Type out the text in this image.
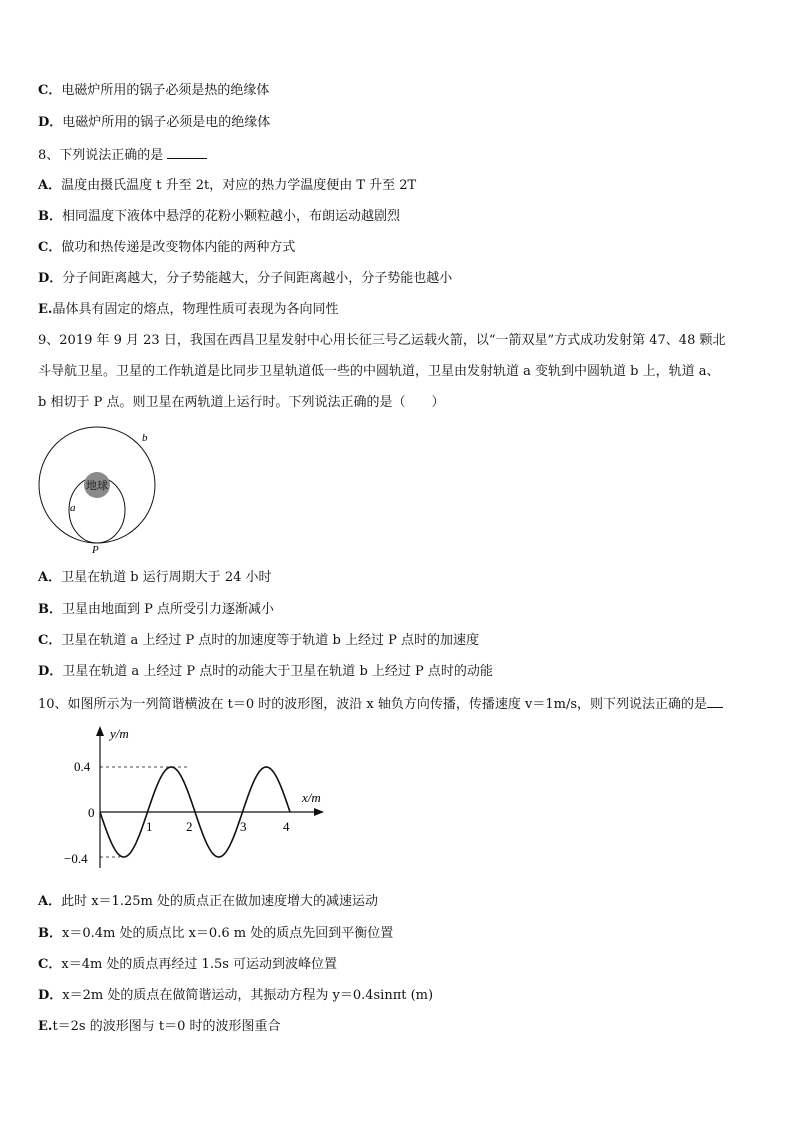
C．电磁炉所用的锅子必须是热的绝缘体
D．电磁炉所用的锅子必须是电的绝缘体
8、下列说法正确的是
A．温度由摄氏温度 t 升至 2t，对应的热力学温度便由 T 升至 2T
B．相同温度下液体中悬浮的花粉小颗粒越小，布朗运动越剧烈
C．做功和热传递是改变物体内能的两种方式
D．分子间距离越大，分子势能越大，分子间距离越小，分子势能也越小
E.晶体具有固定的熔点，物理性质可表现为各向同性
9、2019 年 9 月 23 日，我国在西昌卫星发射中心用长征三号乙运载火箭，以“一箭双星”方式成功发射第 47、48 颗北
斗导航卫星。卫星的工作轨道是比同步卫星轨道低一些的中圆轨道，卫星由发射轨道 a 变轨到中圆轨道 b 上，轨道 a、
b 相切于 P 点。则卫星在两轨道上运行时。下列说法正确的是（　　）
地球
b
a
P
A．卫星在轨道 b 运行周期大于 24 小时
B．卫星由地面到 P 点所受引力逐渐减小
C．卫星在轨道 a 上经过 P 点时的加速度等于轨道 b 上经过 P 点时的加速度
D．卫星在轨道 a 上经过 P 点时的动能大于卫星在轨道 b 上经过 P 点时的动能
10、如图所示为一列简谐横波在 t＝0 时的波形图，波沿 x 轴负方向传播，传播速度 v＝1m/s，则下列说法正确的是
y/m
x/m
0.4
0
−0.4
1	2	3	4
A．此时 x＝1.25m 处的质点正在做加速度增大的减速运动
B．x＝0.4m 处的质点比 x＝0.6 m 处的质点先回到平衡位置
C．x＝4m 处的质点再经过 1.5s 可运动到波峰位置
D．x＝2m 处的质点在做简谐运动，其振动方程为 y＝0.4sinπt (m)
E.t＝2s 的波形图与 t＝0 时的波形图重合
